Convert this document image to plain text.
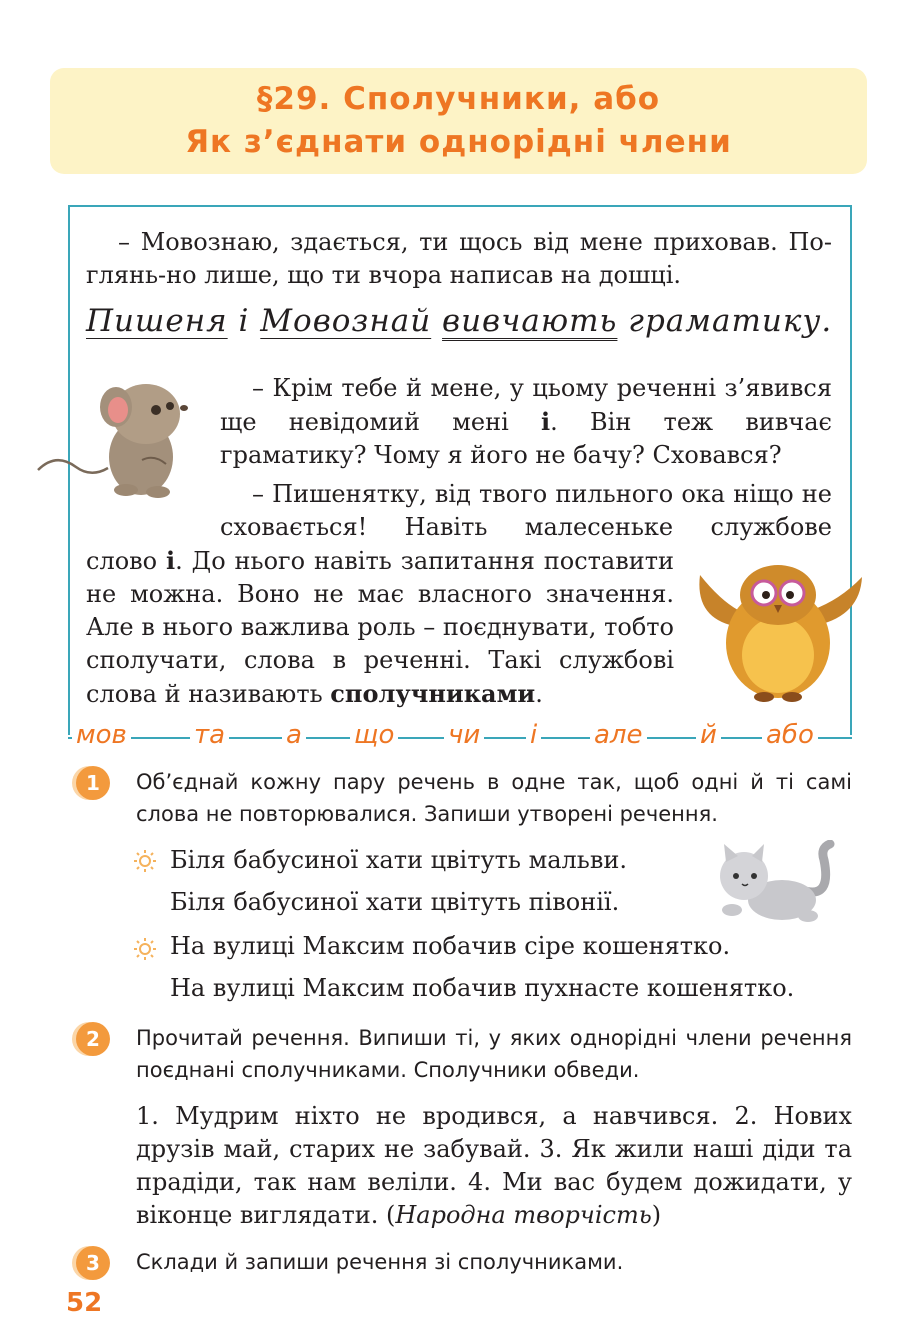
§29. Сполучники, або
Як з’єднати однорідні члени
– Мовознаю, здається, ти щось від мене приховав. По-глянь-но лише, що ти вчора написав на дошці.
Пишеня і Мовознай вивчають граматику.
– Крім тебе й мене, у цьому реченні з’явився ще невідомий мені і. Він теж вивчає граматику? Чому я його не бачу? Сховався?
– Пишенятку, від твого пильного ока ніщо не сховається! Навіть малесеньке службове
слово і. До нього навіть запитання поставити не можна. Воно не має власного значення. Але в нього важлива роль – поєднувати, тобто сполучати, слова в реченні. Такі службові слова й називають сполучниками.
мов	та а що чи і але й або
1	Об’єднай кожну пару речень в одне так, щоб одні й ті самі слова не повторювалися. Запиши утворені речення.
Біля бабусиної хати цвітуть мальви.
Біля бабусиної хати цвітуть півонії.
На вулиці Максим побачив сіре кошенятко.
На вулиці Максим побачив пухнасте кошенятко.
2	Прочитай речення. Випиши ті, у яких однорідні члени речення поєднані сполучниками. Сполучники обведи.
1. Мудрим ніхто не вродився, а навчився. 2. Нових друзів май, старих не забувай. 3. Як жили наші діди та прадіди, так нам веліли. 4. Ми вас будем дожидати, у віконце виглядати. (Народна творчість)
3	Склади й запиши речення зі сполучниками.
52
